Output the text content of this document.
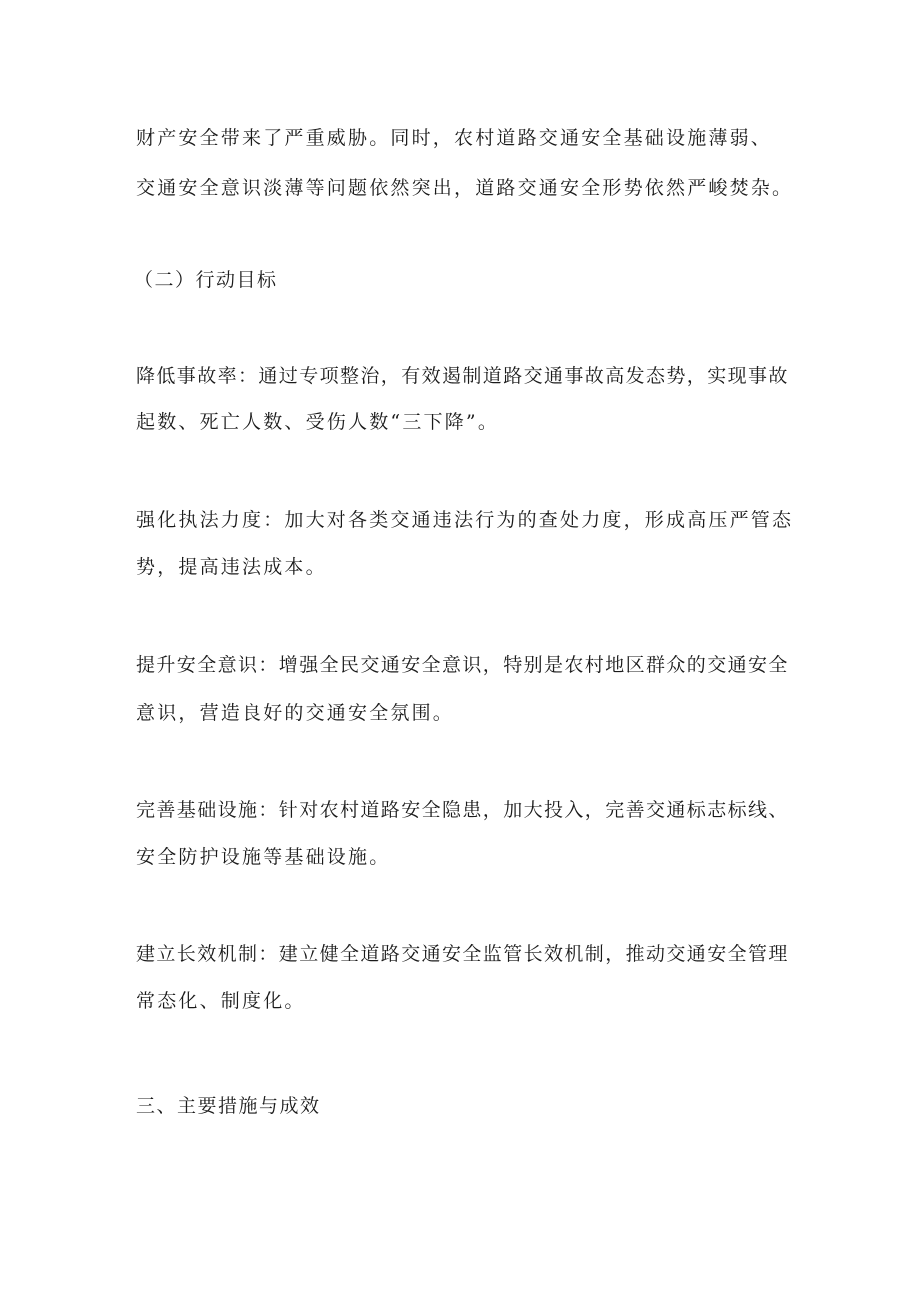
财产安全带来了严重威胁。同时，农村道路交通安全基础设施薄弱、
交通安全意识淡薄等问题依然突出，道路交通安全形势依然严峻焚杂。
（二）行动目标
降低事故率：通过专项整治，有效遏制道路交通事故高发态势，实现事故
起数、死亡人数、受伤人数“三下降”。
强化执法力度：加大对各类交通违法行为的查处力度，形成高压严管态
势，提高违法成本。
提升安全意识：增强全民交通安全意识，特别是农村地区群众的交通安全
意识，营造良好的交通安全氛围。
完善基础设施：针对农村道路安全隐患，加大投入，完善交通标志标线、
安全防护设施等基础设施。
建立长效机制：建立健全道路交通安全监管长效机制，推动交通安全管理
常态化、制度化。
三、主要措施与成效
